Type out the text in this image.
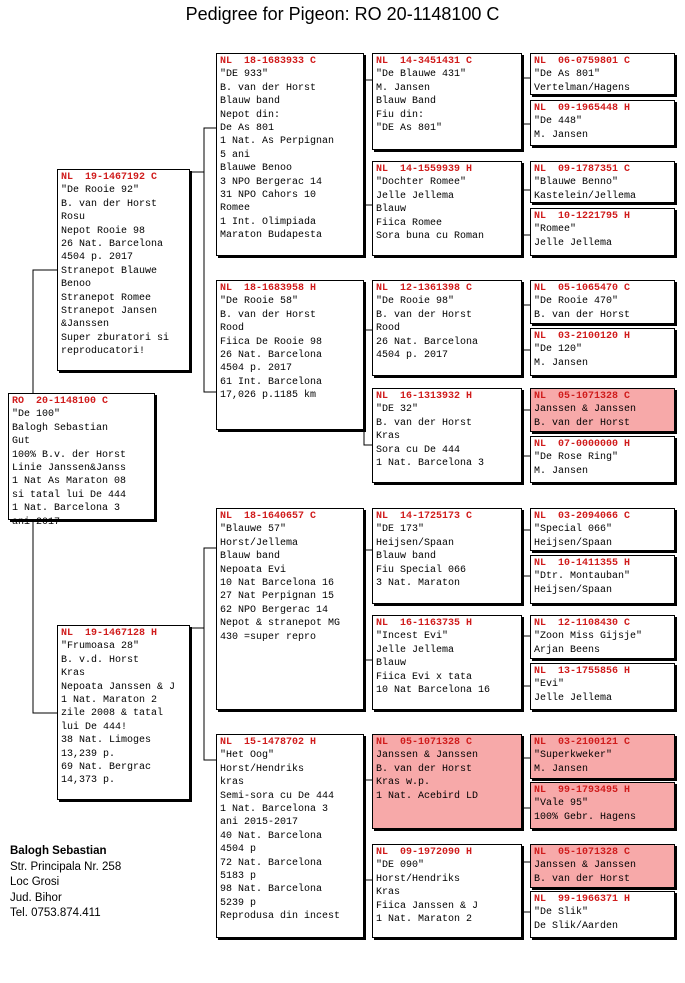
Pedigree for Pigeon: RO 20-1148100 C
RO  20-1148100 C
"De 100"
Balogh Sebastian
Gut
100% B.v. der Horst
Linie Janssen&Janss
1 Nat As Maraton 08
si tatal lui De 444
1 Nat. Barcelona 3
ani 2017
NL  19-1467192 C
"De Rooie 92"
B. van der Horst
Rosu
Nepot Rooie 98
26 Nat. Barcelona
4504 p. 2017
Stranepot Blauwe
Benoo
Stranepot Romee
Stranepot Jansen
&Janssen
Super zburatori si
reproducatori!
NL  19-1467128 H
"Frumoasa 28"
B. v.d. Horst
Kras
Nepoata Janssen & J
1 Nat. Maraton 2
zile 2008 & tatal
lui De 444!
38 Nat. Limoges
13,239 p.
69 Nat. Bergrac
14,373 p.
NL  18-1683933 C
"DE 933"
B. van der Horst
Blauw band
Nepot din:
De As 801
1 Nat. As Perpignan
5 ani
Blauwe Benoo
3 NPO Bergerac 14
31 NPO Cahors 10
Romee
1 Int. Olimpiada
Maraton Budapesta
NL  18-1683958 H
"De Rooie 58"
B. van der Horst
Rood
Fiica De Rooie 98
26 Nat. Barcelona
4504 p. 2017
61 Int. Barcelona
17,026 p.1185 km
NL  18-1640657 C
"Blauwe 57"
Horst/Jellema
Blauw band
Nepoata Evi
10 Nat Barcelona 16
27 Nat Perpignan 15
62 NPO Bergerac 14
Nepot & stranepot MG
430 =super repro
NL  15-1478702 H
"Het Oog"
Horst/Hendriks
kras
Semi-sora cu De 444
1 Nat. Barcelona 3
ani 2015-2017
40 Nat. Barcelona
4504 p
72 Nat. Barcelona
5183 p
98 Nat. Barcelona
5239 p
Reprodusa din incest
NL  14-3451431 C
"De Blauwe 431"
M. Jansen
Blauw Band
Fiu din:
"DE As 801"
NL  14-1559939 H
"Dochter Romee"
Jelle Jellema
Blauw
Fiica Romee
Sora buna cu Roman
NL  12-1361398 C
"De Rooie 98"
B. van der Horst
Rood
26 Nat. Barcelona
4504 p. 2017
NL  16-1313932 H
"DE 32"
B. van der Horst
Kras
Sora cu De 444
1 Nat. Barcelona 3
NL  14-1725173 C
"DE 173"
Heijsen/Spaan
Blauw band
Fiu Special 066
3 Nat. Maraton
NL  16-1163735 H
"Incest Evi"
Jelle Jellema
Blauw
Fiica Evi x tata
10 Nat Barcelona 16
NL  05-1071328 C
Janssen & Janssen
B. van der Horst
Kras w.p.
1 Nat. Acebird LD
NL  09-1972090 H
"DE 090"
Horst/Hendriks
Kras
Fiica Janssen & J
1 Nat. Maraton 2
NL  06-0759801 C
"De As 801"
Vertelman/Hagens
NL  09-1965448 H
"De 448"
M. Jansen
NL  09-1787351 C
"Blauwe Benno"
Kastelein/Jellema
NL  10-1221795 H
"Romee"
Jelle Jellema
NL  05-1065470 C
"De Rooie 470"
B. van der Horst
NL  03-2100120 H
"De 120"
M. Jansen
NL  05-1071328 C
Janssen & Janssen
B. van der Horst
NL  07-0000000 H
"De Rose Ring"
M. Jansen
NL  03-2094066 C
"Special 066"
Heijsen/Spaan
NL  10-1411355 H
"Dtr. Montauban"
Heijsen/Spaan
NL  12-1108430 C
"Zoon Miss Gijsje"
Arjan Beens
NL  13-1755856 H
"Evi"
Jelle Jellema
NL  03-2100121 C
"Superkweker"
M. Jansen
NL  99-1793495 H
"Vale 95"
100% Gebr. Hagens
NL  05-1071328 C
Janssen & Janssen
B. van der Horst
NL  99-1966371 H
"De Slik"
De Slik/Aarden
Balogh Sebastian
Str. Principala Nr. 258
Loc Grosi
Jud. Bihor
Tel. 0753.874.411
